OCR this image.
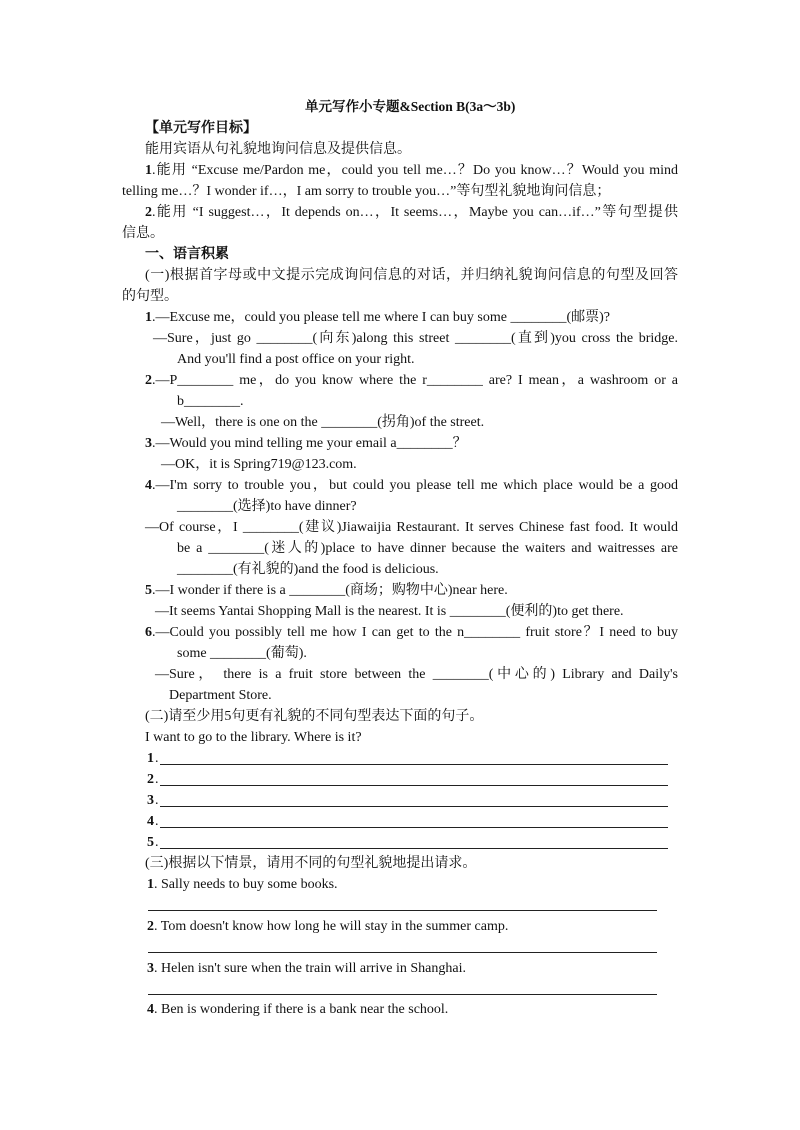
单元写作小专题&Section B(3a～3b)
【单元写作目标】
能用宾语从句礼貌地询问信息及提供信息。
1.能用 “Excuse me/Pardon me，could you tell me…？Do you know…？Would you mind
telling me…？I wonder if…，I am sorry to trouble you…”等句型礼貌地询问信息；
2.能用 “I suggest…，It depends on…，It seems…，Maybe you can…if…”等句型提供
信息。
一、语言积累
(一)根据首字母或中文提示完成询问信息的对话，并归纳礼貌询问信息的句型及回答
的句型。
1.—Excuse me，could you please tell me where I can buy some ________(邮票)?
—Sure，just go ________(向东)along this street ________(直到)you cross the bridge.
And you'll find a post office on your right.
2.—P________ me，do you know where the r________ are? I mean，a washroom or a
b________.
—Well，there is one on the ________(拐角)of the street.
3.—Would you mind telling me your email a________？
—OK，it is Spring719@123.com.
4.—I'm sorry to trouble you，but could you please tell me which place would be a good
________(选择)to have dinner?
—Of course，I ________(建议)Jiawaijia Restaurant. It serves Chinese fast food. It would
be a ________(迷人的)place to have dinner because the waiters and waitresses are
________(有礼貌的)and the food is delicious.
5.—I wonder if there is a ________(商场；购物中心)near here.
—It seems Yantai Shopping Mall is the nearest. It is ________(便利的)to get there.
6.—Could you possibly tell me how I can get to the n________ fruit store？I need to buy
some ________(葡萄).
—Sure， there is a fruit store between the ________(中心的) Library and Daily's
Department Store.
(二)请至少用5句更有礼貌的不同句型表达下面的句子。
I want to go to the library. Where is it?
1 .
2 .
3 .
4 .
5 .
(三)根据以下情景，请用不同的句型礼貌地提出请求。
1. Sally needs to buy some books.
2. Tom doesn't know how long he will stay in the summer camp.
3. Helen isn't sure when the train will arrive in Shanghai.
4. Ben is wondering if there is a bank near the school.
